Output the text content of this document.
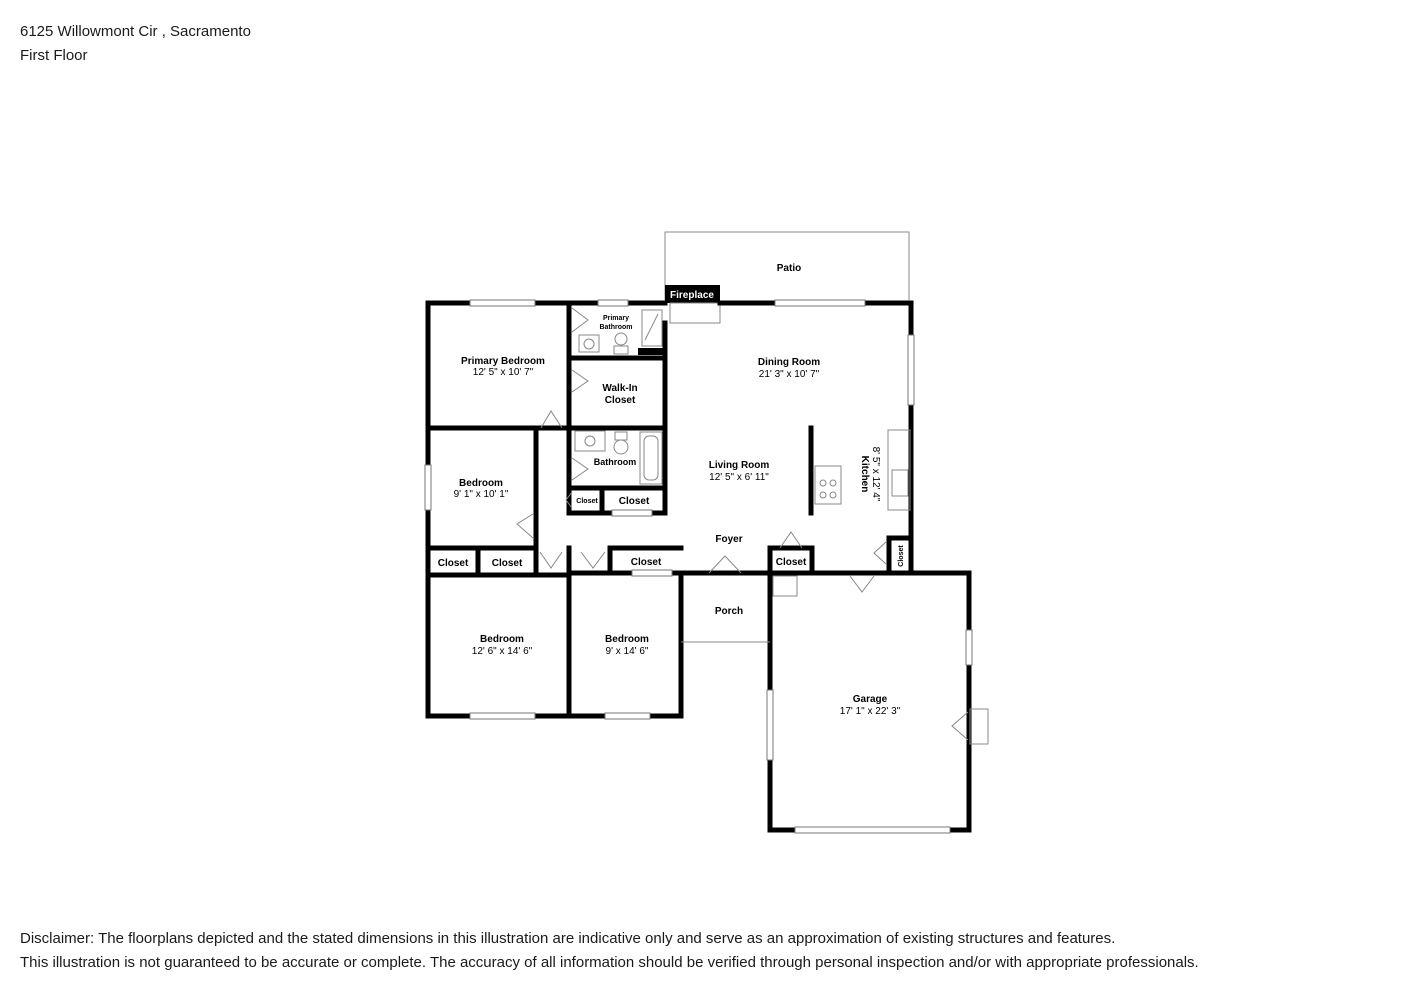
6125 Willowmont Cir , Sacramento
First Floor
Patio
Fireplace
Garage
17' 1" x 22' 3"
Primary Bedroom
12' 5" x 10' 7"
Primary
Bathroom
Walk-In
Closet
Bathroom
Closet Closet
Bedroom
9' 1" x 10' 1"
Closet Closet	Closet
Bedroom
12' 6" x 14' 6"
Bedroom
9' x 14' 6"
Dining Room
21' 3" x 10' 7"
Living Room
12' 5" x 6' 11"	Kitchen 8' 5" x 12' 4"
Foyer
Closet	Closet
Porch
Disclaimer: The floorplans depicted and the stated dimensions in this illustration are indicative only and serve as an approximation of existing structures and features.
This illustration is not guaranteed to be accurate or complete. The accuracy of all information should be verified through personal inspection and/or with appropriate professionals.
